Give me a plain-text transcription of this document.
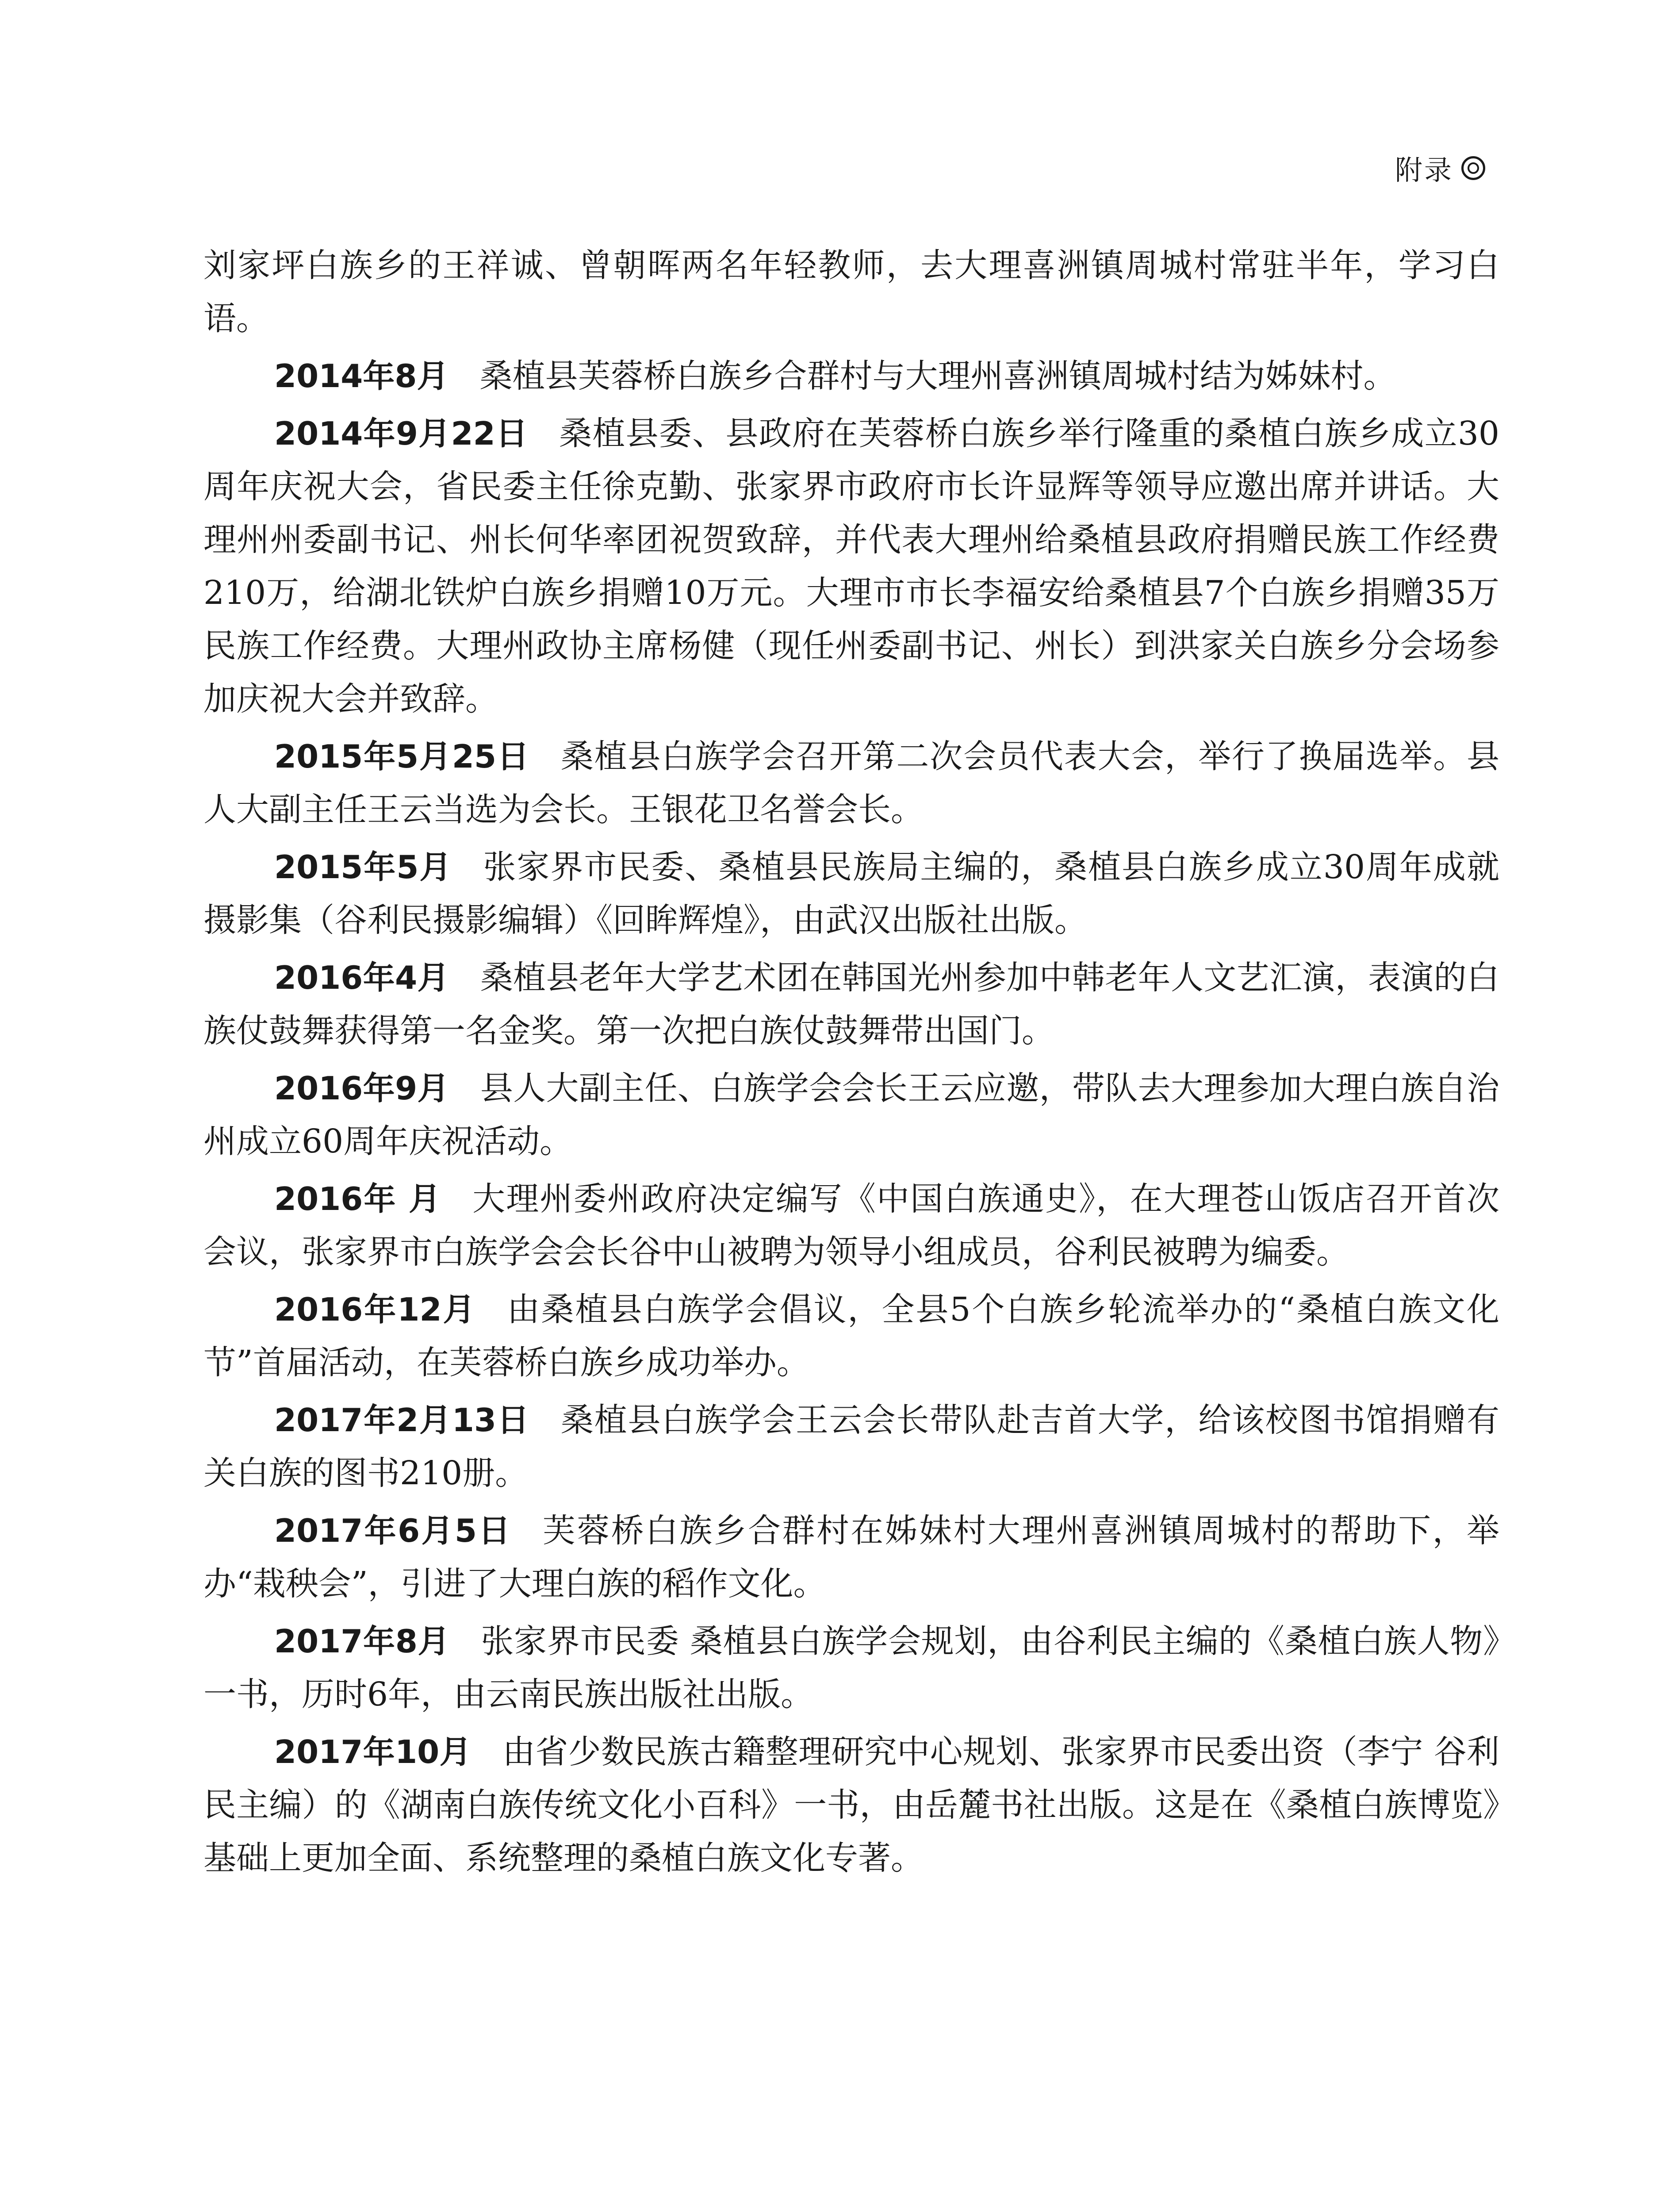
附录

刘家坪白族乡的王祥诚、曾朝晖两名年轻教师，去大理喜洲镇周城村常驻半年，学习白语。

2014年8月 桑植县芙蓉桥白族乡合群村与大理州喜洲镇周城村结为姊妹村。

2014年9月22日 桑植县委、县政府在芙蓉桥白族乡举行隆重的桑植白族乡成立30周年庆祝大会，省民委主任徐克勤、张家界市政府市长许显辉等领导应邀出席并讲话。大理州州委副书记、州长何华率团祝贺致辞，并代表大理州给桑植县政府捐赠民族工作经费210万，给湖北铁炉白族乡捐赠10万元。大理市市长李福安给桑植县7个白族乡捐赠35万民族工作经费。大理州政协主席杨健（现任州委副书记、州长）到洪家关白族乡分会场参加庆祝大会并致辞。

2015年5月25日 桑植县白族学会召开第二次会员代表大会，举行了换届选举。县人大副主任王云当选为会长。王银花卫名誉会长。

2015年5月 张家界市民委、桑植县民族局主编的，桑植县白族乡成立30周年成就摄影集（谷利民摄影编辑）《回眸辉煌》，由武汉出版社出版。

2016年4月 桑植县老年大学艺术团在韩国光州参加中韩老年人文艺汇演，表演的白族仗鼓舞获得第一名金奖。第一次把白族仗鼓舞带出国门。

2016年9月 县人大副主任、白族学会会长王云应邀，带队去大理参加大理白族自治州成立60周年庆祝活动。

2016年 月 大理州委州政府决定编写《中国白族通史》，在大理苍山饭店召开首次会议，张家界市白族学会会长谷中山被聘为领导小组成员，谷利民被聘为编委。

2016年12月 由桑植县白族学会倡议，全县5个白族乡轮流举办的“桑植白族文化节”首届活动，在芙蓉桥白族乡成功举办。

2017年2月13日 桑植县白族学会王云会长带队赴吉首大学，给该校图书馆捐赠有关白族的图书210册。

2017年6月5日 芙蓉桥白族乡合群村在姊妹村大理州喜洲镇周城村的帮助下，举办“栽秧会”，引进了大理白族的稻作文化。

2017年8月 张家界市民委 桑植县白族学会规划，由谷利民主编的《桑植白族人物》一书，历时6年，由云南民族出版社出版。

2017年10月 由省少数民族古籍整理研究中心规划、张家界市民委出资（李宁 谷利民主编）的《湖南白族传统文化小百科》一书，由岳麓书社出版。这是在《桑植白族博览》基础上更加全面、系统整理的桑植白族文化专著。
